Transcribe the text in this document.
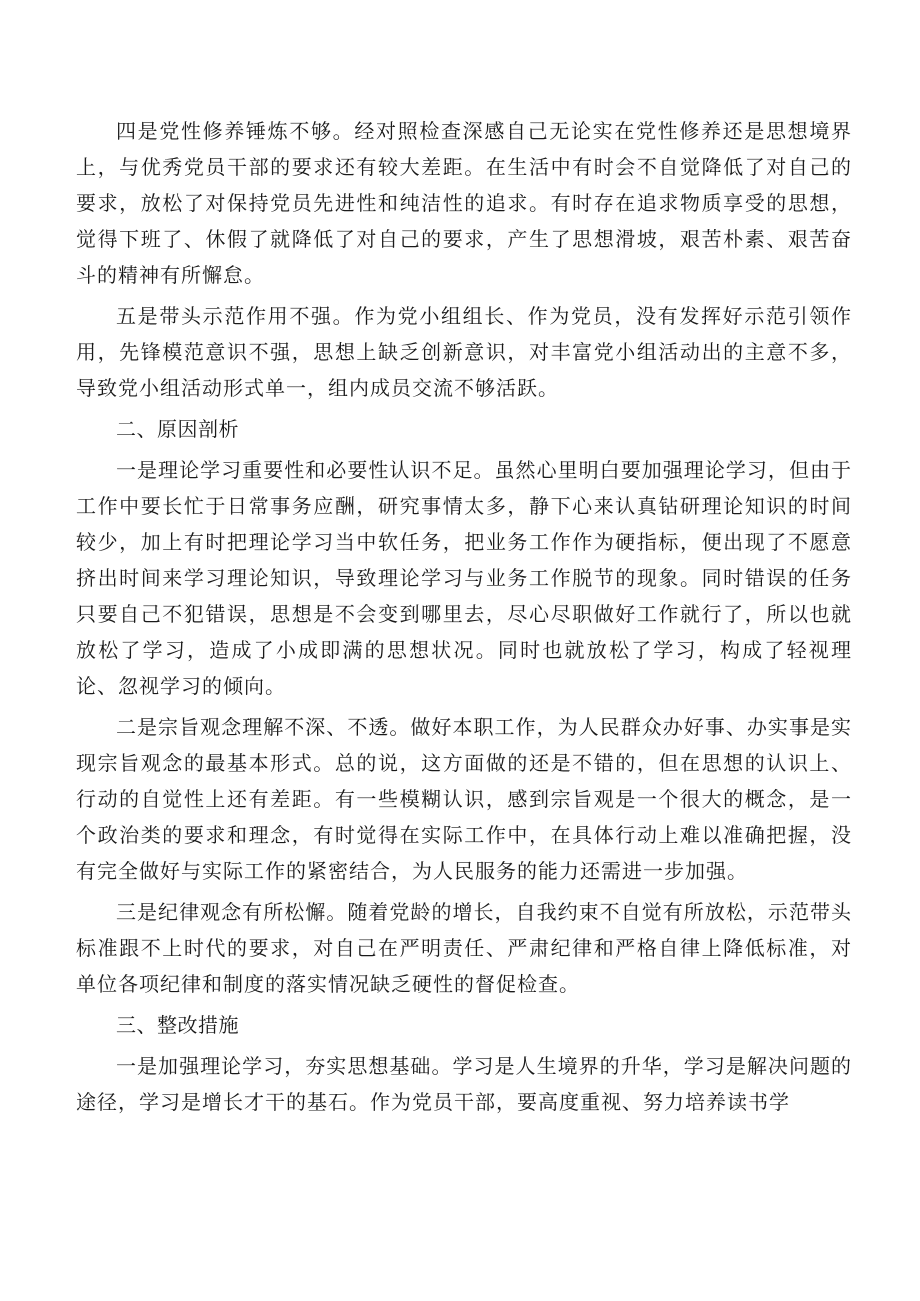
四是党性修养锤炼不够。经对照检查深感自己无论实在党性修养还是思想境界上，与优秀党员干部的要求还有较大差距。在生活中有时会不自觉降低了对自己的要求，放松了对保持党员先进性和纯洁性的追求。有时存在追求物质享受的思想，觉得下班了、休假了就降低了对自己的要求，产生了思想滑坡，艰苦朴素、艰苦奋斗的精神有所懈怠。

五是带头示范作用不强。作为党小组组长、作为党员，没有发挥好示范引领作用，先锋模范意识不强，思想上缺乏创新意识，对丰富党小组活动出的主意不多，导致党小组活动形式单一，组内成员交流不够活跃。

二、原因剖析

一是理论学习重要性和必要性认识不足。虽然心里明白要加强理论学习，但由于工作中要长忙于日常事务应酬，研究事情太多，静下心来认真钻研理论知识的时间较少，加上有时把理论学习当中软任务，把业务工作作为硬指标，便出现了不愿意挤出时间来学习理论知识，导致理论学习与业务工作脱节的现象。同时错误的任务只要自己不犯错误，思想是不会变到哪里去，尽心尽职做好工作就行了，所以也就放松了学习，造成了小成即满的思想状况。同时也就放松了学习，构成了轻视理论、忽视学习的倾向。

二是宗旨观念理解不深、不透。做好本职工作，为人民群众办好事、办实事是实现宗旨观念的最基本形式。总的说，这方面做的还是不错的，但在思想的认识上、行动的自觉性上还有差距。有一些模糊认识，感到宗旨观是一个很大的概念，是一个政治类的要求和理念，有时觉得在实际工作中，在具体行动上难以准确把握，没有完全做好与实际工作的紧密结合，为人民服务的能力还需进一步加强。

三是纪律观念有所松懈。随着党龄的增长，自我约束不自觉有所放松，示范带头标准跟不上时代的要求，对自己在严明责任、严肃纪律和严格自律上降低标准，对单位各项纪律和制度的落实情况缺乏硬性的督促检查。

三、整改措施

一是加强理论学习，夯实思想基础。学习是人生境界的升华，学习是解决问题的途径，学习是增长才干的基石。作为党员干部，要高度重视、努力培养读书学
